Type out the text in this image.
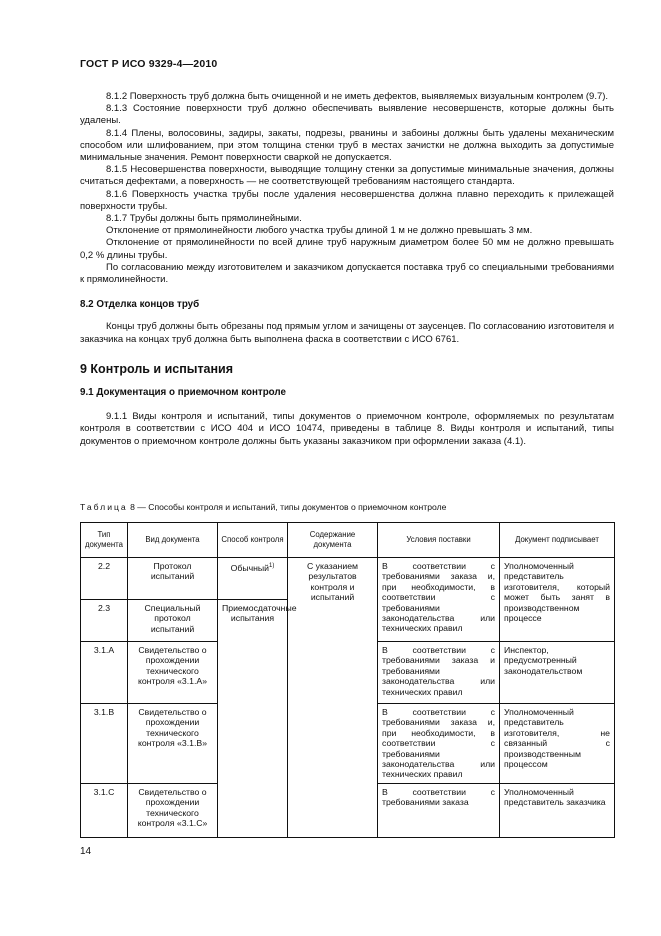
ГОСТ Р ИСО 9329-4—2010

8.1.2 Поверхность труб должна быть очищенной и не иметь дефектов, выявляемых визуальным контролем (9.7).

8.1.3 Состояние поверхности труб должно обеспечивать выявление несовершенств, которые должны быть удалены.

8.1.4 Плены, волосовины, задиры, закаты, подрезы, рванины и забоины должны быть удалены механическим способом или шлифованием, при этом толщина стенки труб в местах зачистки не должна выходить за допустимые минимальные значения. Ремонт поверхности сваркой не допускается.

8.1.5 Несовершенства поверхности, выводящие толщину стенки за допустимые минимальные значения, должны считаться дефектами, а поверхность — не соответствующей требованиям настоящего стандарта.

8.1.6 Поверхность участка трубы после удаления несовершенства должна плавно переходить к прилежащей поверхности трубы.

8.1.7 Трубы должны быть прямолинейными.

Отклонение от прямолинейности любого участка трубы длиной 1 м не должно превышать 3 мм.

Отклонение от прямолинейности по всей длине труб наружным диаметром более 50 мм не должно превышать 0,2 % длины трубы.

По согласованию между изготовителем и заказчиком допускается поставка труб со специальными требованиями к прямолинейности.

8.2 Отделка концов труб

Концы труб должны быть обрезаны под прямым углом и зачищены от заусенцев. По согласованию изготовителя и заказчика на концах труб должна быть выполнена фаска в соответствии с ИСО 6761.

9 Контроль и испытания

9.1 Документация о приемочном контроле

9.1.1 Виды контроля и испытаний, типы документов о приемочном контроле, оформляемых по результатам контроля в соответствии с ИСО 404 и ИСО 10474, приведены в таблице 8. Виды контроля и испытаний, типы документов о приемочном контроле должны быть указаны заказчиком при оформлении заказа (4.1).

Таблица 8 — Способы контроля и испытаний, типы документов о приемочном контроле
Тип документа	Вид документа	Способ контроля	Содержание документа	Условия поставки	Документ подписывает
2.2	Протокол испытаний	Обычный$^{1)}$	С указанием результатов контроля и испытаний	В соответствии с требованиями заказа и, при необходимости, в соответствии с требованиями законодательства или технических правил	Уполномоченный представитель изготовителя, который может быть занят в производственном процессе
2.3	Специальный протокол испытаний	Приемосдаточные испытания			
3.1.A	Свидетельство о прохождении технического контроля «3.1.А»			В соответствии с требованиями заказа и требованиями законодательства или технических правил	Инспектор, предусмотренный законодательством
3.1.B	Свидетельство о прохождении технического контроля «3.1.В»			В соответствии с требованиями заказа и, при необходимости, в соответствии с требованиями законодательства или технических правил	Уполномоченный представитель изготовителя, не связанный с производственным процессом
3.1.C	Свидетельство о прохождении технического контроля «3.1.С»			В соответствии с требованиями заказа	Уполномоченный представитель заказчика
14
